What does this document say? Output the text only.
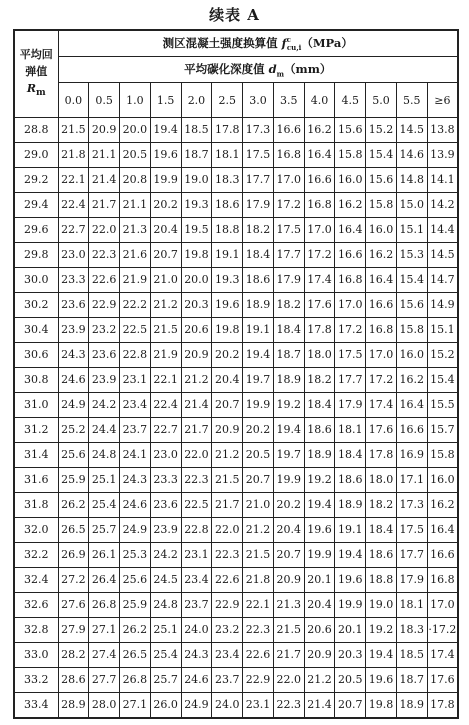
续表 A
平均回
弹值
$R_m$	测区混凝土强度换算值 $f^c_{cu,i}(MPa)$												
	平均碳化深度值 $d_m(mm)$												
	0.0	0.5	1.0	1.5	2.0	2.5	3.0	3.5	4.0	4.5	5.0	5.5	≥6
28.8	21.5	20.9	20.0	19.4	18.5	17.8	17.3	16.6	16.2	15.6	15.2	14.5	13.8
29.0	21.8	21.1	20.5	19.6	18.7	18.1	17.5	16.8	16.4	15.8	15.4	14.6	13.9
29.2	22.1	21.4	20.8	19.9	19.0	18.3	17.7	17.0	16.6	16.0	15.6	14.8	14.1
29.4	22.4	21.7	21.1	20.2	19.3	18.6	17.9	17.2	16.8	16.2	15.8	15.0	14.2
29.6	22.7	22.0	21.3	20.4	19.5	18.8	18.2	17.5	17.0	16.4	16.0	15.1	14.4
29.8	23.0	22.3	21.6	20.7	19.8	19.1	18.4	17.7	17.2	16.6	16.2	15.3	14.5
30.0	23.3	22.6	21.9	21.0	20.0	19.3	18.6	17.9	17.4	16.8	16.4	15.4	14.7
30.2	23.6	22.9	22.2	21.2	20.3	19.6	18.9	18.2	17.6	17.0	16.6	15.6	14.9
30.4	23.9	23.2	22.5	21.5	20.6	19.8	19.1	18.4	17.8	17.2	16.8	15.8	15.1
30.6	24.3	23.6	22.8	21.9	20.9	20.2	19.4	18.7	18.0	17.5	17.0	16.0	15.2
30.8	24.6	23.9	23.1	22.1	21.2	20.4	19.7	18.9	18.2	17.7	17.2	16.2	15.4
31.0	24.9	24.2	23.4	22.4	21.4	20.7	19.9	19.2	18.4	17.9	17.4	16.4	15.5
31.2	25.2	24.4	23.7	22.7	21.7	20.9	20.2	19.4	18.6	18.1	17.6	16.6	15.7
31.4	25.6	24.8	24.1	23.0	22.0	21.2	20.5	19.7	18.9	18.4	17.8	16.9	15.8
31.6	25.9	25.1	24.3	23.3	22.3	21.5	20.7	19.9	19.2	18.6	18.0	17.1	16.0
31.8	26.2	25.4	24.6	23.6	22.5	21.7	21.0	20.2	19.4	18.9	18.2	17.3	16.2
32.0	26.5	25.7	24.9	23.9	22.8	22.0	21.2	20.4	19.6	19.1	18.4	17.5	16.4
32.2	26.9	26.1	25.3	24.2	23.1	22.3	21.5	20.7	19.9	19.4	18.6	17.7	16.6
32.4	27.2	26.4	25.6	24.5	23.4	22.6	21.8	20.9	20.1	19.6	18.8	17.9	16.8
32.6	27.6	26.8	25.9	24.8	23.7	22.9	22.1	21.3	20.4	19.9	19.0	18.1	17.0
32.8	27.9	27.1	26.2	25.1	24.0	23.2	22.3	21.5	20.6	20.1	19.2	18.3	·17.2
33.0	28.2	27.4	26.5	25.4	24.3	23.4	22.6	21.7	20.9	20.3	19.4	18.5	17.4
33.2	28.6	27.7	26.8	25.7	24.6	23.7	22.9	22.0	21.2	20.5	19.6	18.7	17.6
33.4	28.9	28.0	27.1	26.0	24.9	24.0	23.1	22.3	21.4	20.7	19.8	18.9	17.8
